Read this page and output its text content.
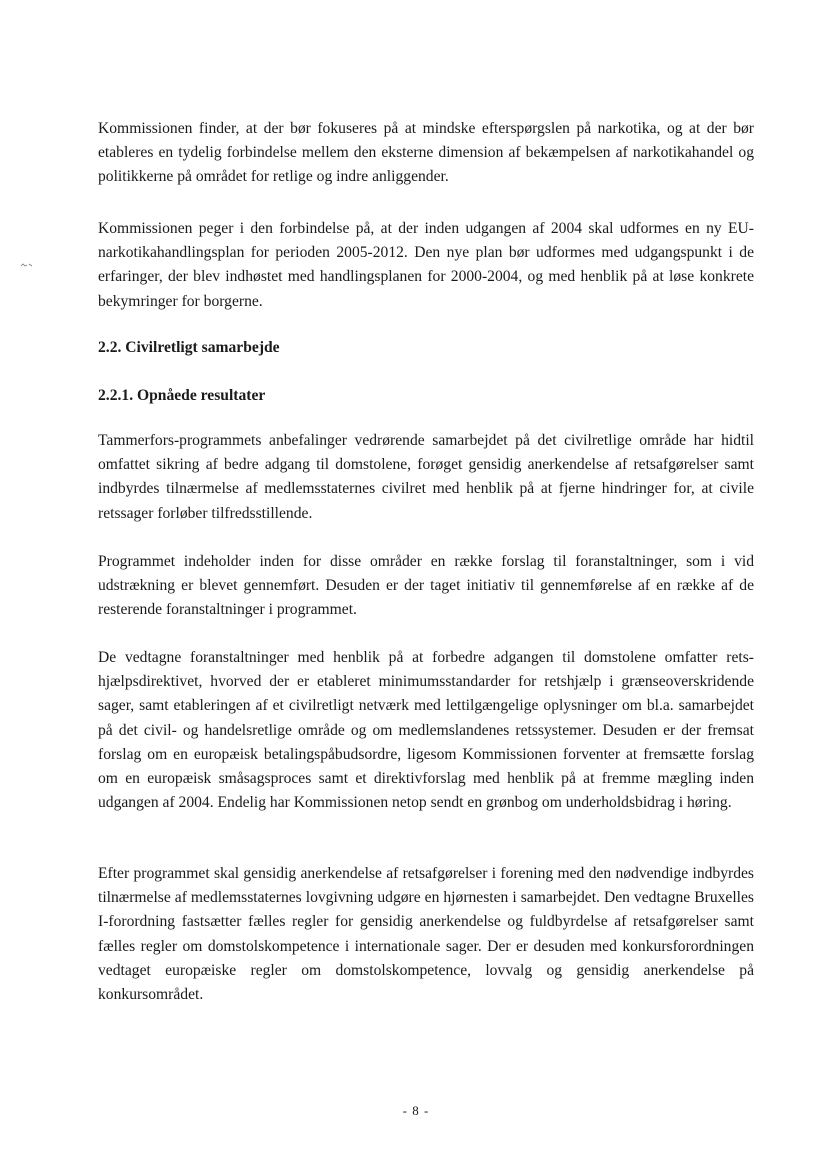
Kommissionen finder, at der bør fokuseres på at mindske efterspørgslen på narkotika, og at der bør etableres en tydelig forbindelse mellem den eksterne dimension af bekæmpelsen af narkotikahandel og politikkerne på området for retlige og indre anliggender.

Kommissionen peger i den forbindelse på, at der inden udgangen af 2004 skal udformes en ny EU-narkotikahandlingsplan for perioden 2005-2012. Den nye plan bør udformes med udgangspunkt i de erfaringer, der blev indhøstet med handlingsplanen for 2000-2004, og med henblik på at løse konkrete bekymringer for borgerne.

2.2. Civilretligt samarbejde
2.2.1. Opnåede resultater

Tammerfors-programmets anbefalinger vedrørende samarbejdet på det civilretlige område har hidtil omfattet sikring af bedre adgang til domstolene, forøget gensidig anerkendelse af retsafgørelser samt indbyrdes tilnærmelse af medlemsstaternes civilret med henblik på at fjerne hindringer for, at civile retssager forløber tilfredsstillende.

Programmet indeholder inden for disse områder en række forslag til foranstaltninger, som i vid udstrækning er blevet gennemført. Desuden er der taget initiativ til gennemførelse af en række af de resterende foranstaltninger i programmet.

De vedtagne foranstaltninger med henblik på at forbedre adgangen til domstolene omfatter retshjælpsdirektivet, hvorved der er etableret minimumsstandarder for retshjælp i grænseoverskridende sager, samt etableringen af et civilretligt netværk med lettilgængelige oplysninger om bl.a. samarbejdet på det civil- og handelsretlige område og om medlemslandenes retssystemer. Desuden er der fremsat forslag om en europæisk betalingspåbudsordre, ligesom Kommissionen forventer at fremsætte forslag om en europæisk småsagsproces samt et direktivforslag med henblik på at fremme mægling inden udgangen af 2004. Endelig har Kommissionen netop sendt en grønbog om underholdsbidrag i høring.

Efter programmet skal gensidig anerkendelse af retsafgørelser i forening med den nødvendige indbyrdes tilnærmelse af medlemsstaternes lovgivning udgøre en hjørnesten i samarbejdet. Den vedtagne Bruxelles I-forordning fastsætter fælles regler for gensidig anerkendelse og fuldbyrdelse af retsafgørelser samt fælles regler om domstolskompetence i internationale sager. Der er desuden med konkursforordningen vedtaget europæiske regler om domstolskompetence, lovvalg og gensidig anerkendelse på konkursområdet.

- 8 -
